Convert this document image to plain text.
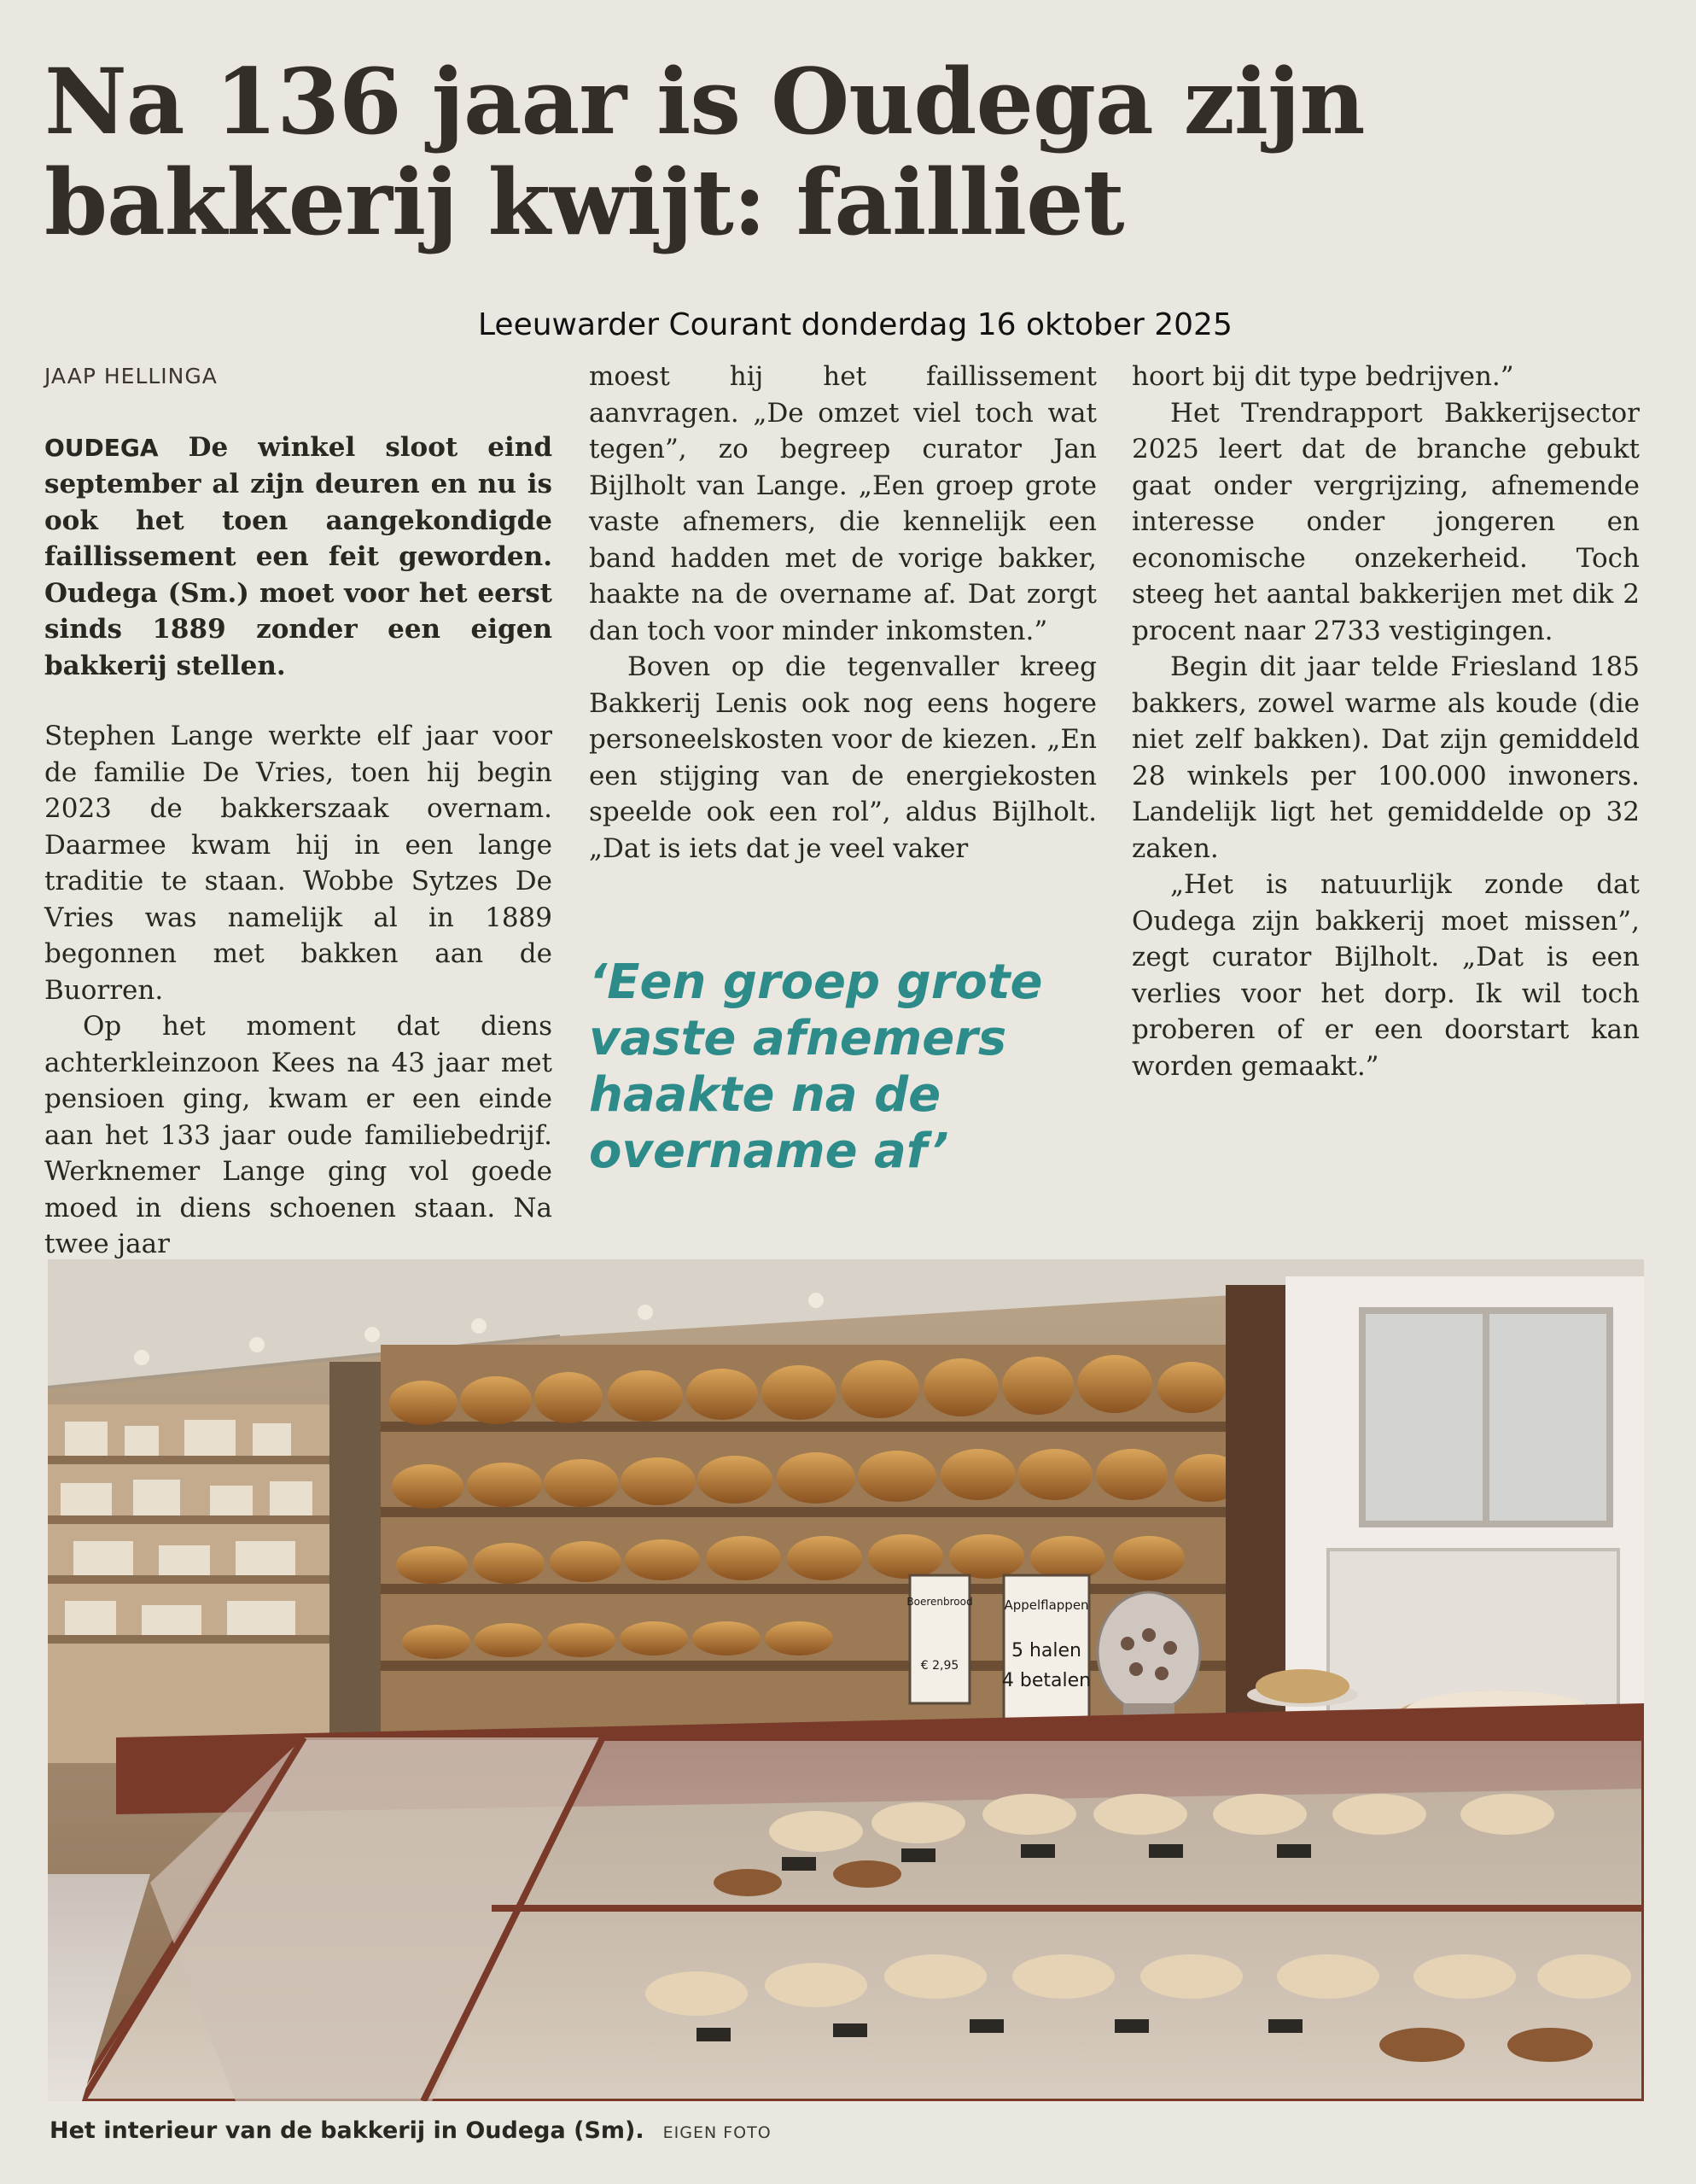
Na 136 jaar is Oudega zijn
bakkerij kwijt: failliet
Leeuwarder Courant donderdag 16 oktober 2025

JAAP HELLINGA

OUDEGA De winkel sloot eind september al zijn deuren en nu is ook het toen aangekondigde faillissement een feit geworden. Oudega (Sm.) moet voor het eerst sinds 1889 zonder een eigen bakkerij stellen.

Stephen Lange werkte elf jaar voor de familie De Vries, toen hij begin 2023 de bakkerszaak overnam. Daarmee kwam hij in een lange traditie te staan. Wobbe Sytzes De Vries was namelijk al in 1889 begonnen met bakken aan de Buorren.

Op het moment dat diens achterkleinzoon Kees na 43 jaar met pensioen ging, kwam er een einde aan het 133 jaar oude familiebedrijf. Werknemer Lange ging vol goede moed in diens schoenen staan. Na twee jaar

moest hij het faillissement aanvragen. „De omzet viel toch wat tegen”, zo begreep curator Jan Bijlholt van Lange. „Een groep grote vaste afnemers, die kennelijk een band hadden met de vorige bakker, haakte na de overname af. Dat zorgt dan toch voor minder inkomsten.”

Boven op die tegenvaller kreeg Bakkerij Lenis ook nog eens hogere personeelskosten voor de kiezen. „En een stijging van de energiekosten speelde ook een rol”, aldus Bijlholt. „Dat is iets dat je veel vaker

‘Een groep grote vaste afnemers haakte na de overname af’

hoort bij dit type bedrijven.”

Het Trendrapport Bakkerijsector 2025 leert dat de branche gebukt gaat onder vergrijzing, afnemende interesse onder jongeren en economische onzekerheid. Toch steeg het aantal bakkerijen met dik 2 procent naar 2733 vestigingen.

Begin dit jaar telde Friesland 185 bakkers, zowel warme als koude (die niet zelf bakken). Dat zijn gemiddeld 28 winkels per 100.000 inwoners. Landelijk ligt het gemiddelde op 32 zaken.

„Het is natuurlijk zonde dat Oudega zijn bakkerij moet missen”, zegt curator Bijlholt. „Dat is een verlies voor het dorp. Ik wil toch proberen of er een doorstart kan worden gemaakt.”

Boerenbrood
€ 2,95
Appelflappen
5 halen
4 betalen
Het interieur van de bakkerij in Oudega (Sm). EIGEN FOTO
